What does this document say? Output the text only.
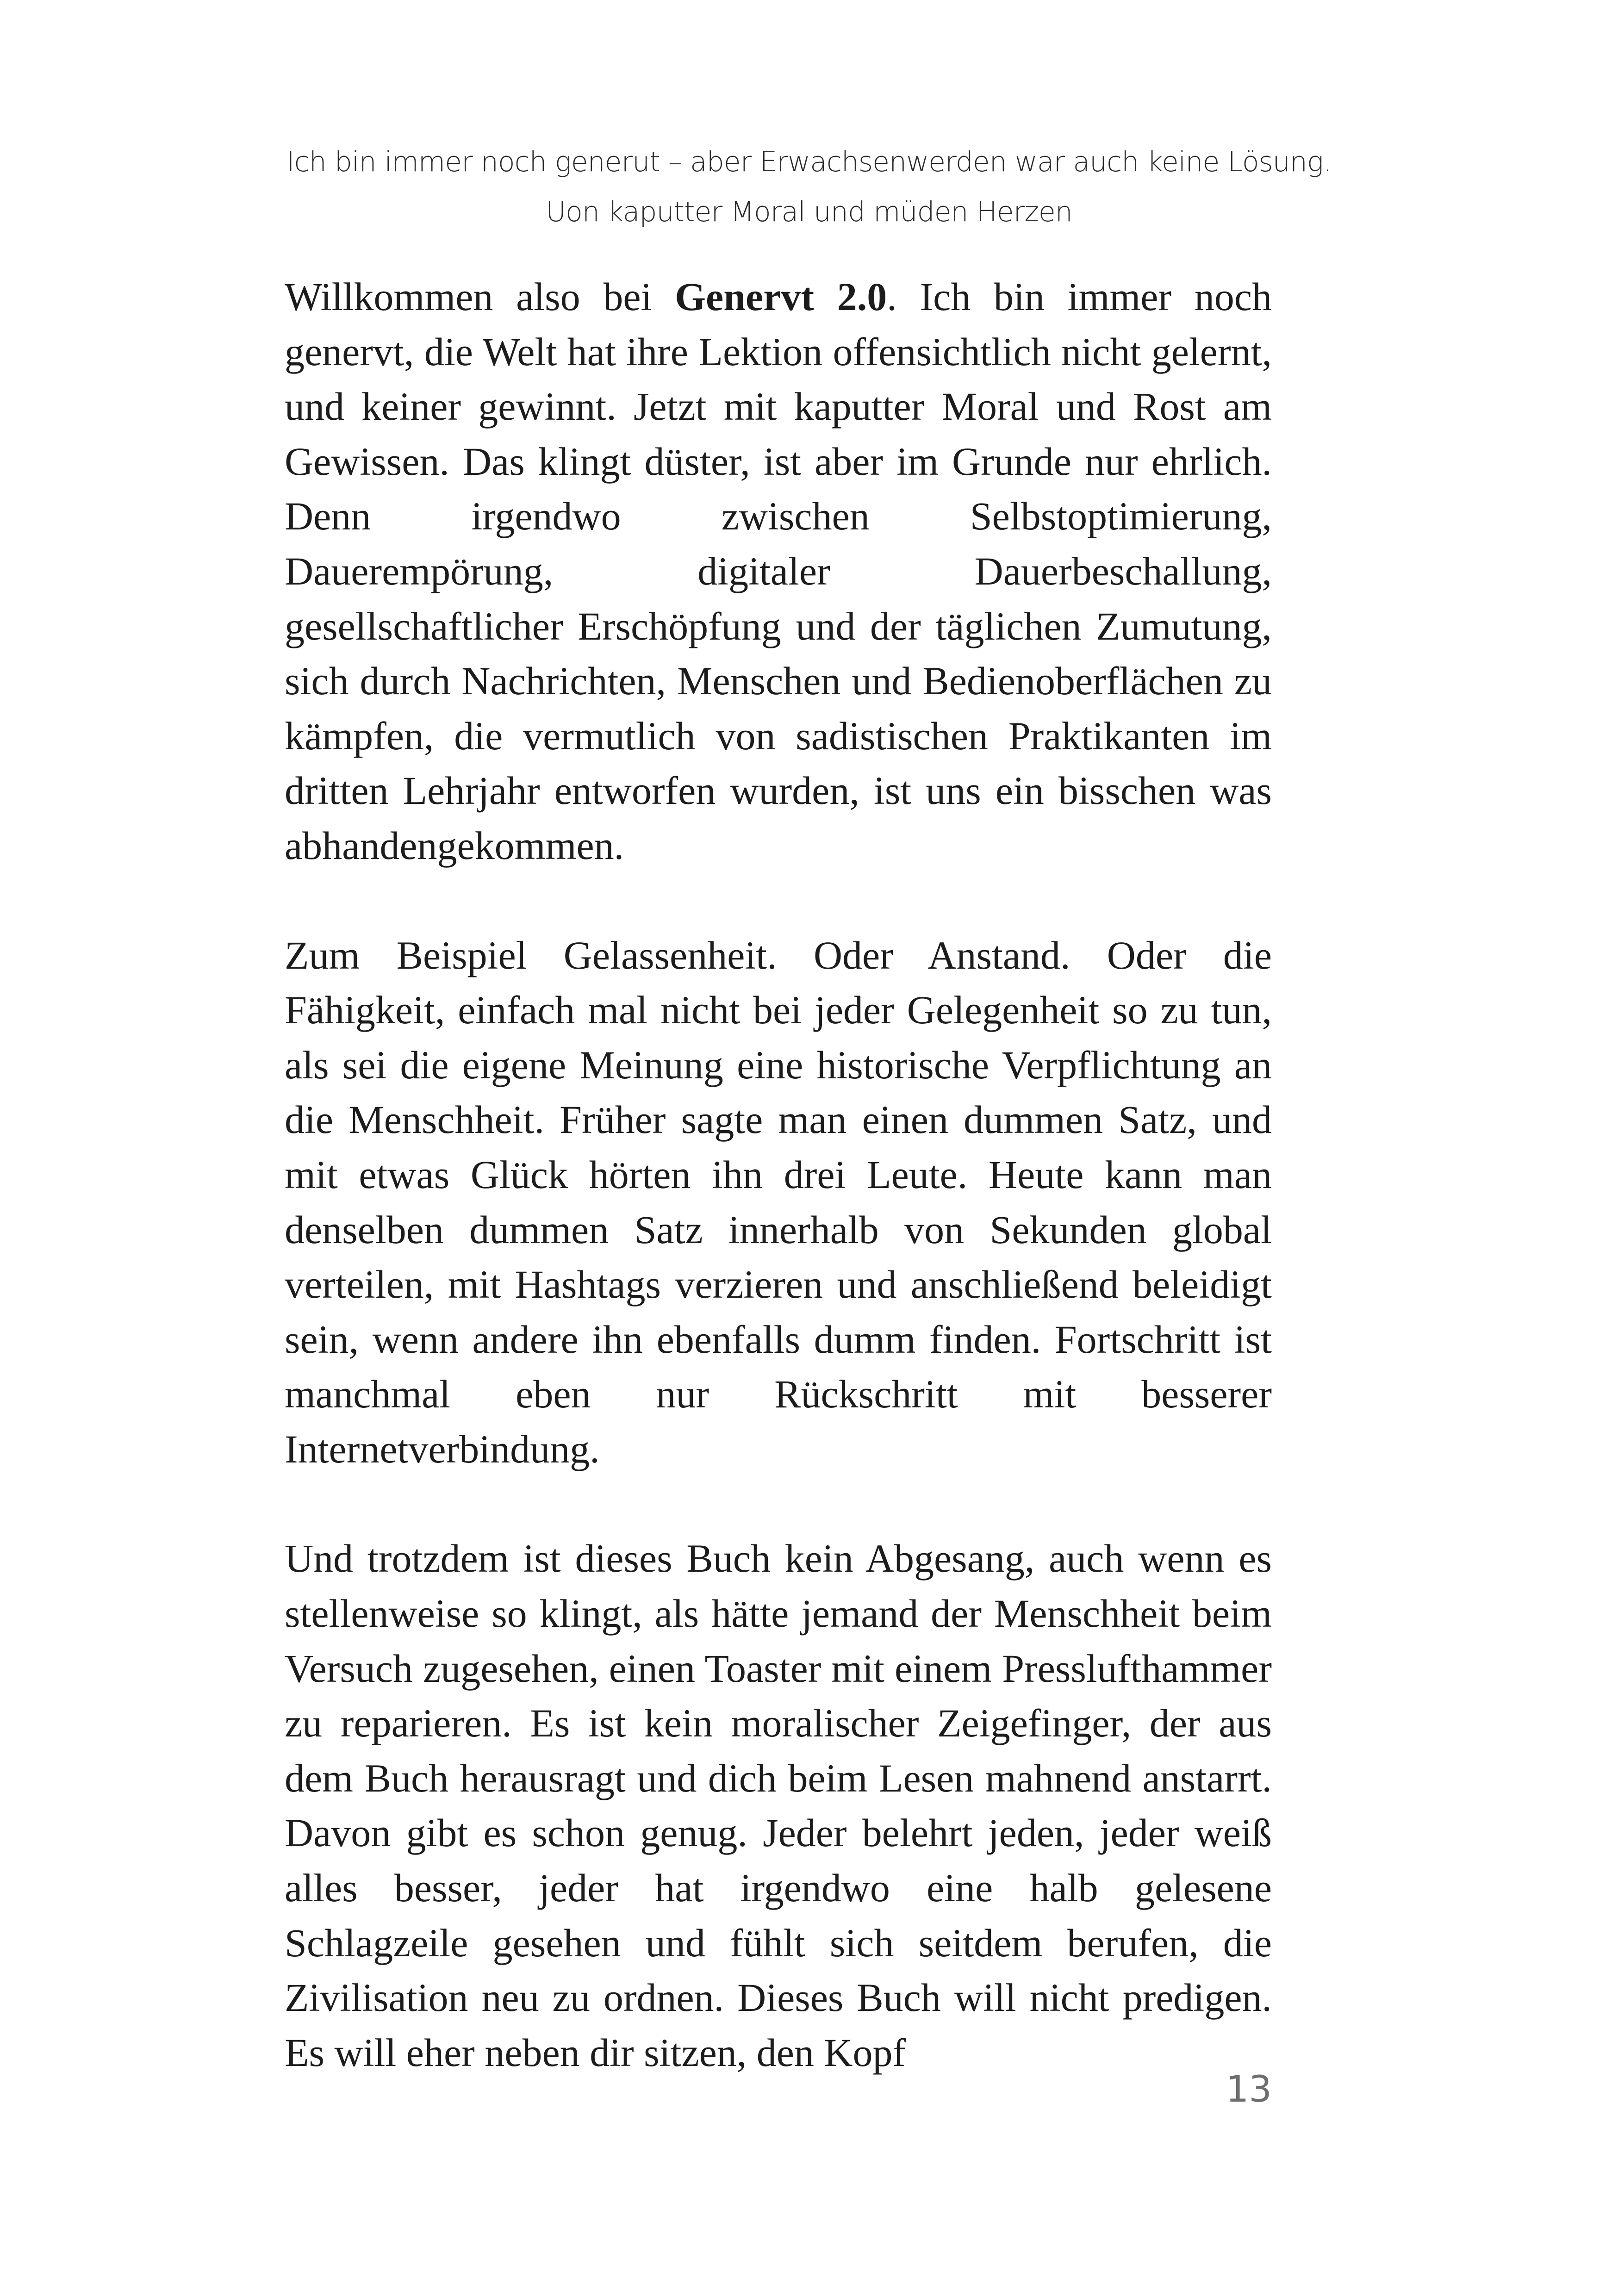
Ich bin immer noch generut – aber Erwachsenwerden war auch keine Lösung.
Uon kaputter Moral und müden Herzen

Willkommen also bei Genervt 2.0. Ich bin immer noch genervt, die Welt hat ihre Lektion offensichtlich nicht gelernt, und keiner gewinnt. Jetzt mit kaputter Moral und Rost am Gewissen. Das klingt düster, ist aber im Grunde nur ehrlich. Denn irgendwo zwischen Selbstoptimierung, Dauerempörung, digitaler Dauerbeschallung, gesellschaftlicher Erschöpfung und der täglichen Zumutung, sich durch Nachrichten, Menschen und Bedienoberflächen zu kämpfen, die vermutlich von sadistischen Praktikanten im dritten Lehrjahr entworfen wurden, ist uns ein bisschen was abhandengekommen.

Zum Beispiel Gelassenheit. Oder Anstand. Oder die Fähigkeit, einfach mal nicht bei jeder Gelegenheit so zu tun, als sei die eigene Meinung eine historische Verpflichtung an die Menschheit. Früher sagte man einen dummen Satz, und mit etwas Glück hörten ihn drei Leute. Heute kann man denselben dummen Satz innerhalb von Sekunden global verteilen, mit Hashtags verzieren und anschließend beleidigt sein, wenn andere ihn ebenfalls dumm finden. Fortschritt ist manchmal eben nur Rückschritt mit besserer Internetverbindung.

Und trotzdem ist dieses Buch kein Abgesang, auch wenn es stellenweise so klingt, als hätte jemand der Menschheit beim Versuch zugesehen, einen Toaster mit einem Presslufthammer zu reparieren. Es ist kein moralischer Zeigefinger, der aus dem Buch herausragt und dich beim Lesen mahnend anstarrt. Davon gibt es schon genug. Jeder belehrt jeden, jeder weiß alles besser, jeder hat irgendwo eine halb gelesene Schlagzeile gesehen und fühlt sich seitdem berufen, die Zivilisation neu zu ordnen. Dieses Buch will nicht predigen. Es will eher neben dir sitzen, den Kopf

13
